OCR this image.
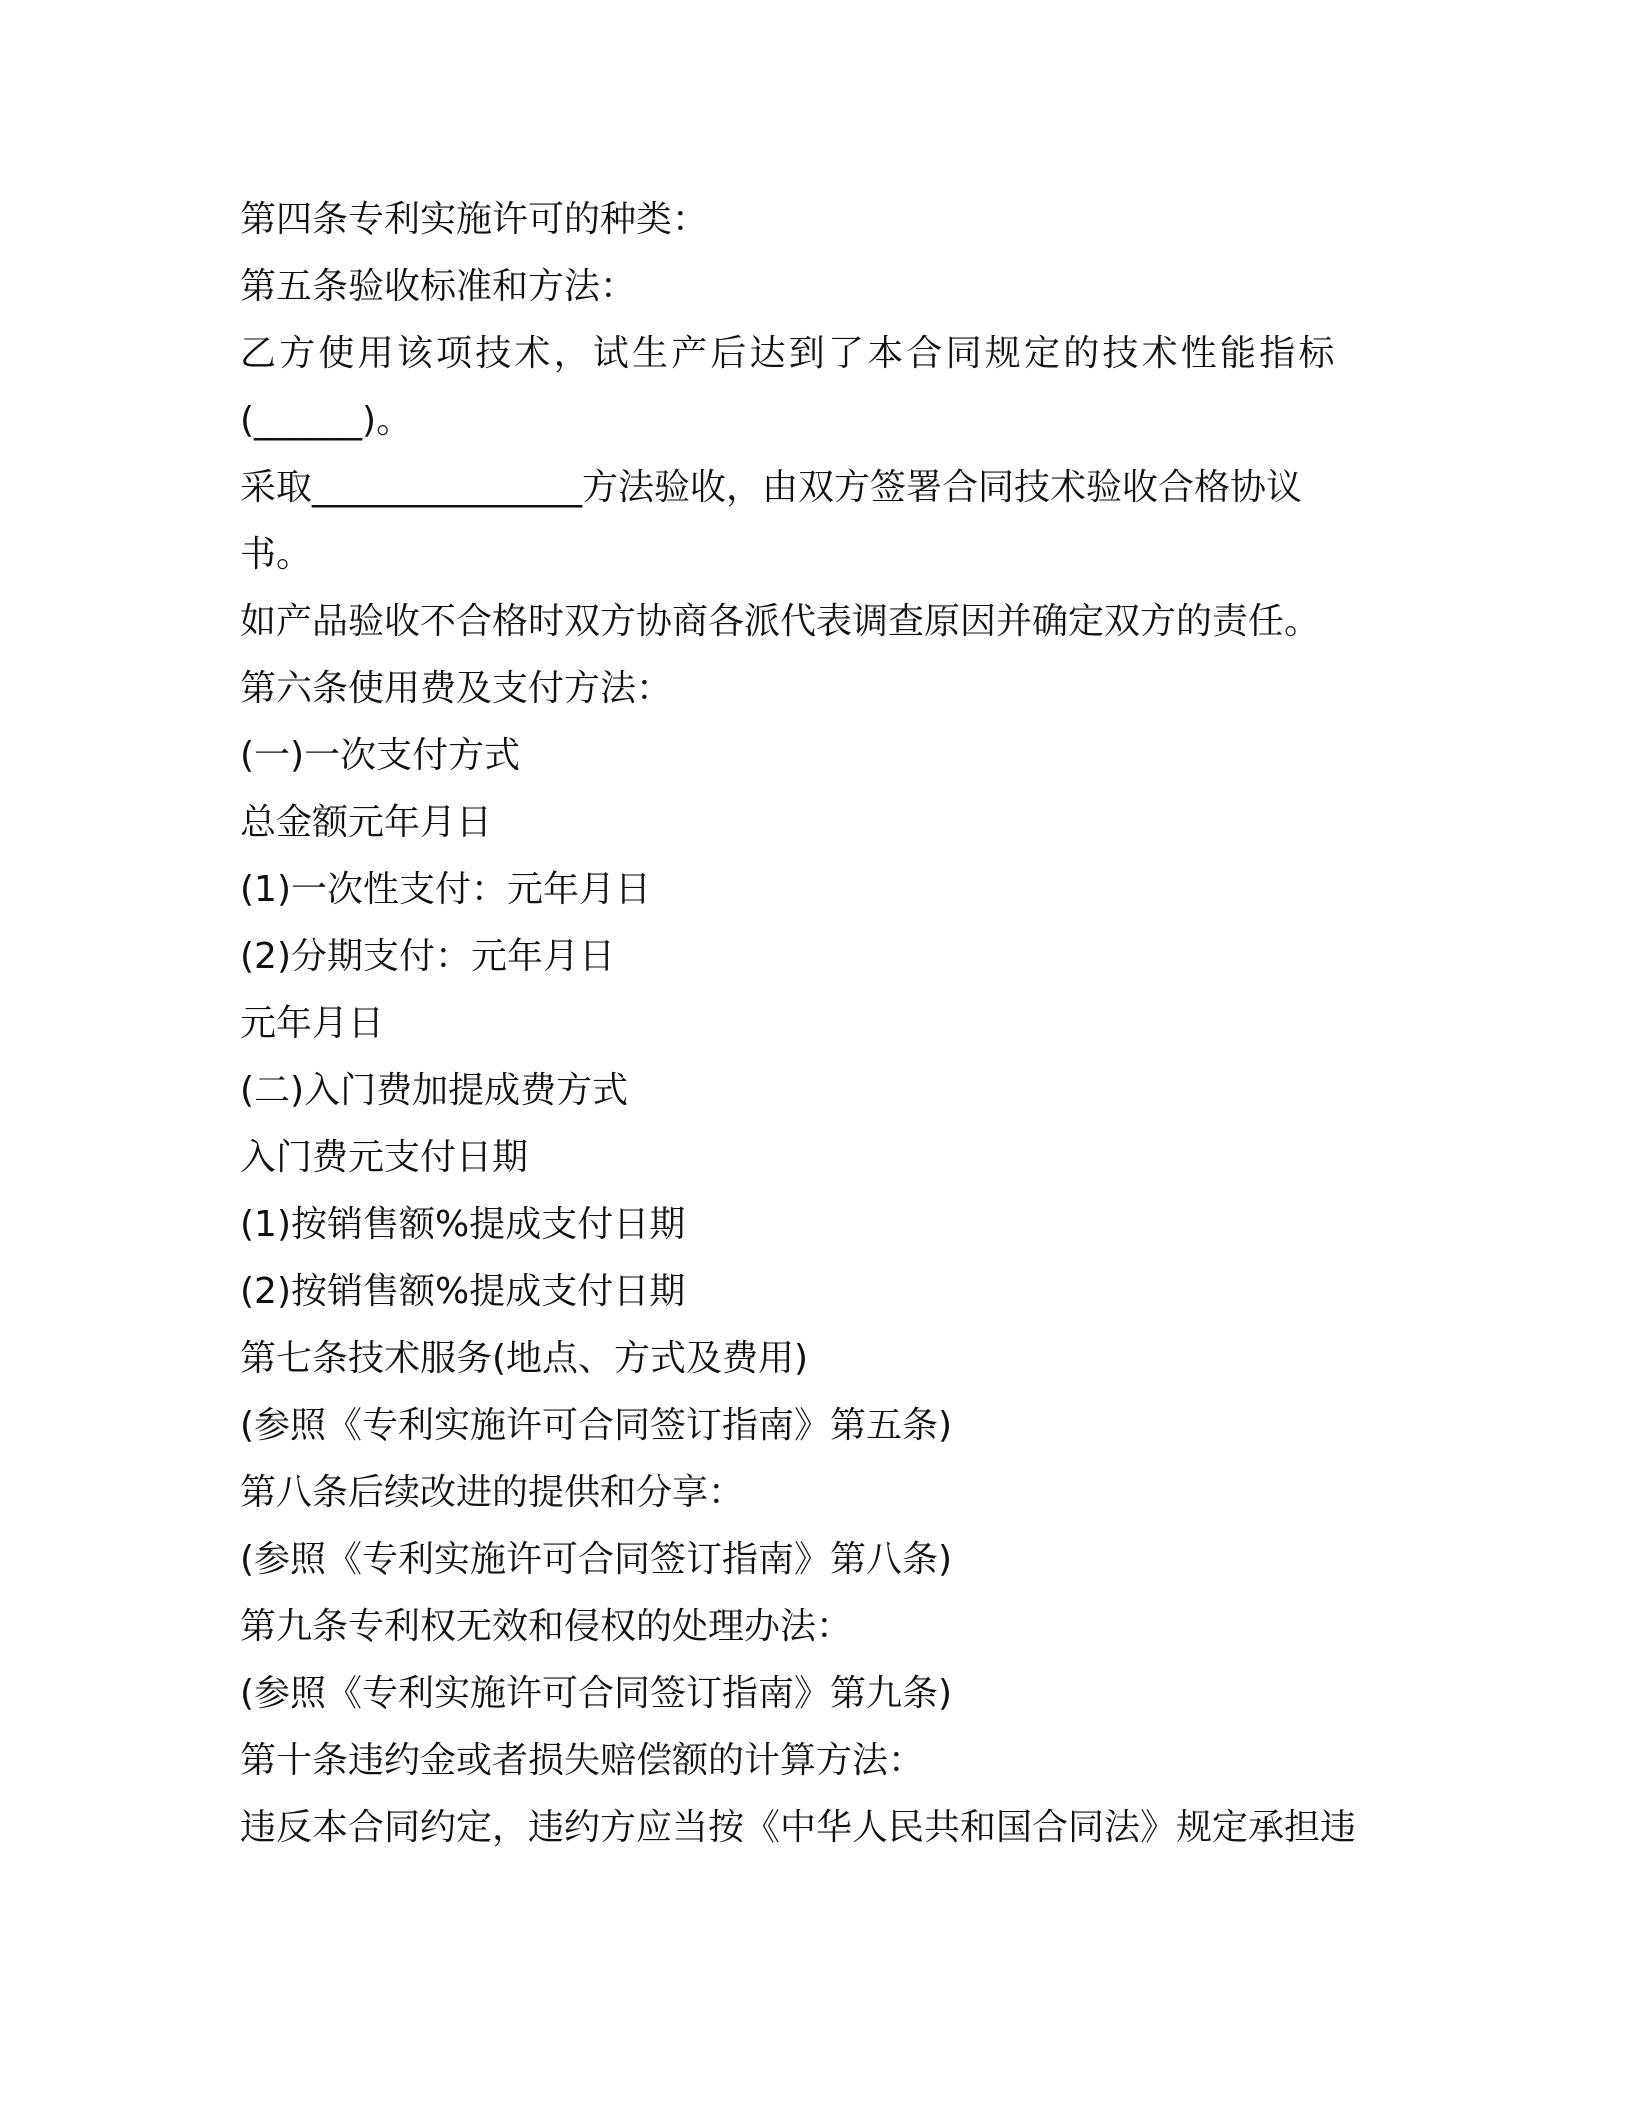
第四条专利实施许可的种类：

第五条验收标准和方法：

乙方使用该项技术，试生产后达到了本合同规定的技术性能指标

(______)。

采取_______________方法验收，由双方签署合同技术验收合格协议

书。

如产品验收不合格时双方协商各派代表调查原因并确定双方的责任。

第六条使用费及支付方法：

(一)一次支付方式

总金额元年月日

(1)一次性支付：元年月日

(2)分期支付：元年月日

元年月日

(二)入门费加提成费方式

入门费元支付日期

(1)按销售额%提成支付日期

(2)按销售额%提成支付日期

第七条技术服务(地点、方式及费用)

(参照《专利实施许可合同签订指南》第五条)

第八条后续改进的提供和分享：

(参照《专利实施许可合同签订指南》第八条)

第九条专利权无效和侵权的处理办法：

(参照《专利实施许可合同签订指南》第九条)

第十条违约金或者损失赔偿额的计算方法：

违反本合同约定，违约方应当按《中华人民共和国合同法》规定承担违
